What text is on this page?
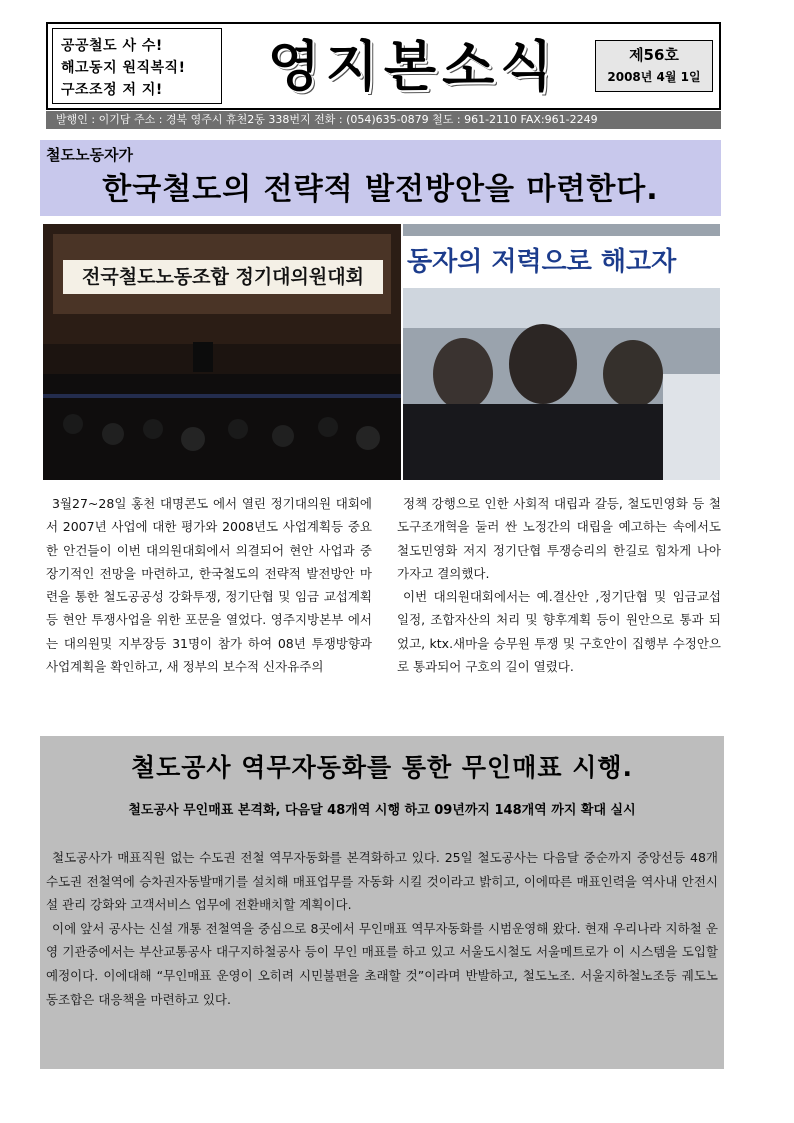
공공철도 사 수!
해고동지 원직복직!
구조조정 저 지!	영지본소식	제56호
2008년 4월 1일
발행인 : 이기담 주소 : 경북 영주시 휴천2동 338번지 전화 : (054)635-0879 철도 : 961-2110 FAX:961-2249
철도노동자가
한국철도의 전략적 발전방안을 마련한다.
전국철도노동조합 정기대의원대회	동자의 저력으로 해고자

3월27~28일 홍천 대명콘도 에서 열린 정기대의원 대회에서 2007년 사업에 대한 평가와 2008년도 사업계획등 중요한 안건들이 이번 대의원대회에서 의결되어 현안 사업과 중장기적인 전망을 마련하고, 한국철도의 전략적 발전방안 마련을 통한 철도공공성 강화투쟁, 정기단협 및 임금 교섭계획등 현안 투쟁사업을 위한 포문을 열었다. 영주지방본부 에서는 대의원및 지부장등 31명이 참가 하여 08년 투쟁방향과 사업계획을 확인하고, 새 정부의 보수적 신자유주의

정책 강행으로 인한 사회적 대립과 갈등, 철도민영화 등 철도구조개혁을 둘러 싼 노정간의 대립을 예고하는 속에서도 철도민영화 저지 정기단협 투쟁승리의 한길로 힘차게 나아 가자고 결의했다.

이번 대의원대회에서는 예.결산안 ,정기단협 및 임금교섭 일정, 조합자산의 처리 및 향후계획 등이 원안으로 통과 되었고, ktx.새마을 승무원 투쟁 및 구호안이 집행부 수정안으로 통과되어 구호의 길이 열렸다.

철도공사 역무자동화를 통한 무인매표 시행.
철도공사 무인매표 본격화, 다음달 48개역 시행 하고 09년까지 148개역 까지 확대 실시

철도공사가 매표직원 없는 수도권 전철 역무자동화를 본격화하고 있다. 25일 철도공사는 다음달 중순까지 중앙선등 48개 수도권 전철역에 승차권자동발매기를 설치해 매표업무를 자동화 시킬 것이라고 밝히고, 이에따른 매표인력을 역사내 안전시설 관리 강화와 고객서비스 업무에 전환배치할 계획이다.

이에 앞서 공사는 신설 개통 전철역을 중심으로 8곳에서 무인매표 역무자동화를 시범운영해 왔다. 현재 우리나라 지하철 운영 기관중에서는 부산교통공사 대구지하철공사 등이 무인 매표를 하고 있고 서울도시철도 서울메트로가 이 시스템을 도입할 예정이다. 이에대해 “무인매표 운영이 오히려 시민불편을 초래할 것”이라며 반발하고, 철도노조. 서울지하철노조등 궤도노동조합은 대응책을 마련하고 있다.
